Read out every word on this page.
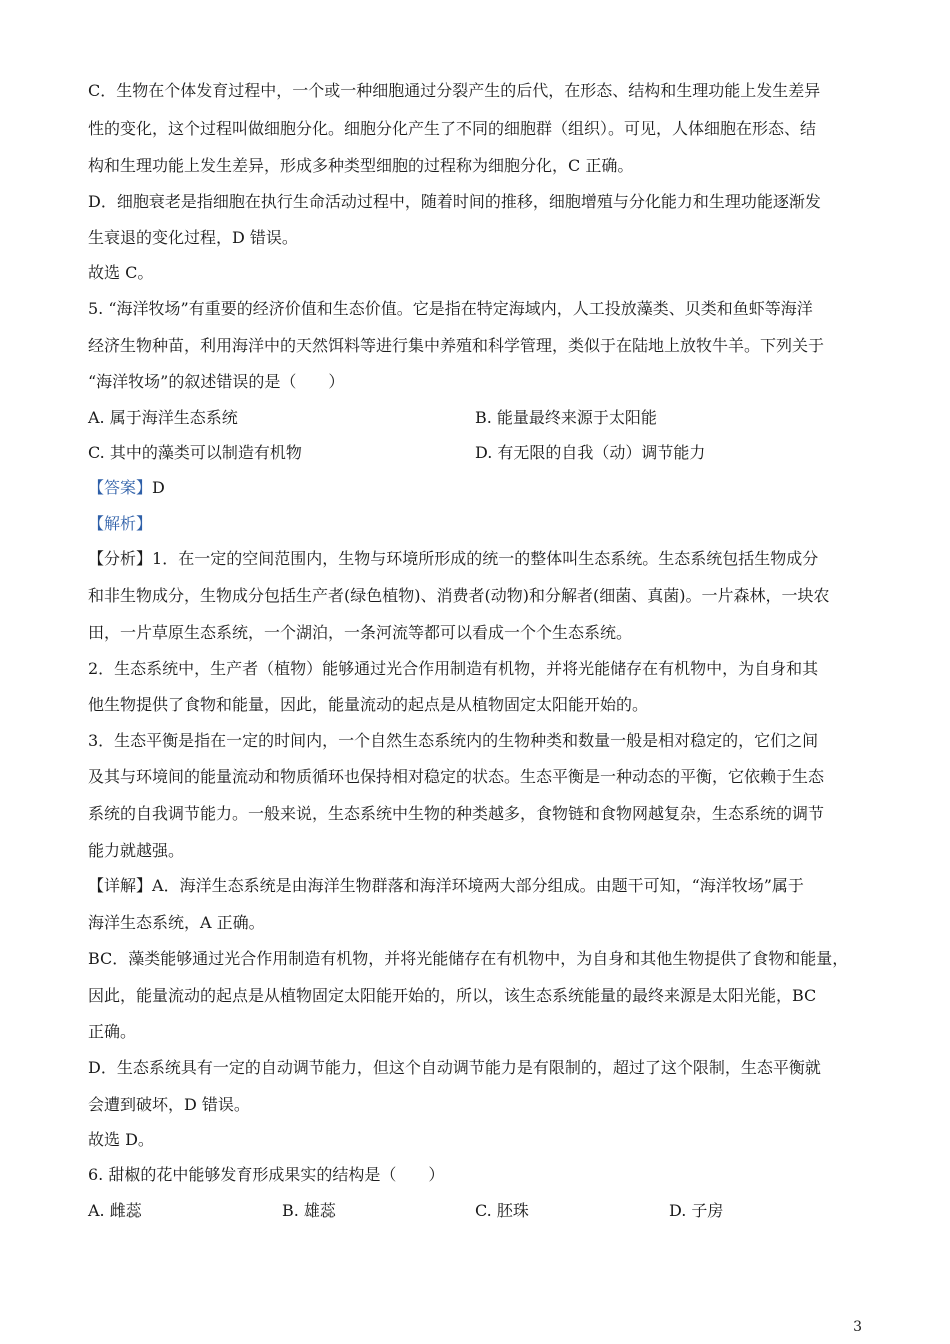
C．生物在个体发育过程中，一个或一种细胞通过分裂产生的后代，在形态、结构和生理功能上发生差异
性的变化，这个过程叫做细胞分化。细胞分化产生了不同的细胞群（组织）。可见，人体细胞在形态、结
构和生理功能上发生差异，形成多种类型细胞的过程称为细胞分化，C 正确。
D．细胞衰老是指细胞在执行生命活动过程中，随着时间的推移，细胞增殖与分化能力和生理功能逐渐发
生衰退的变化过程，D 错误。
故选 C。
5. “海洋牧场”有重要的经济价值和生态价值。它是指在特定海域内，人工投放藻类、贝类和鱼虾等海洋
经济生物种苗，利用海洋中的天然饵料等进行集中养殖和科学管理，类似于在陆地上放牧牛羊。下列关于
“海洋牧场”的叙述错误的是（　　）
A. 属于海洋生态系统	B. 能量最终来源于太阳能
C. 其中的藻类可以制造有机物	D. 有无限的自我（动）调节能力
【答案】D
【解析】
【分析】1．在一定的空间范围内，生物与环境所形成的统一的整体叫生态系统。生态系统包括生物成分
和非生物成分，生物成分包括生产者(绿色植物)、消费者(动物)和分解者(细菌、真菌)。一片森林，一块农
田，一片草原生态系统，一个湖泊，一条河流等都可以看成一个个生态系统。
2．生态系统中，生产者（植物）能够通过光合作用制造有机物，并将光能储存在有机物中，为自身和其
他生物提供了食物和能量，因此，能量流动的起点是从植物固定太阳能开始的。
3．生态平衡是指在一定的时间内，一个自然生态系统内的生物种类和数量一般是相对稳定的，它们之间
及其与环境间的能量流动和物质循环也保持相对稳定的状态。生态平衡是一种动态的平衡，它依赖于生态
系统的自我调节能力。一般来说，生态系统中生物的种类越多，食物链和食物网越复杂，生态系统的调节
能力就越强。
【详解】A．海洋生态系统是由海洋生物群落和海洋环境两大部分组成。由题干可知，“海洋牧场”属于
海洋生态系统，A 正确。
BC．藻类能够通过光合作用制造有机物，并将光能储存在有机物中，为自身和其他生物提供了食物和能量，
因此，能量流动的起点是从植物固定太阳能开始的，所以，该生态系统能量的最终来源是太阳光能，BC
正确。
D．生态系统具有一定的自动调节能力，但这个自动调节能力是有限制的，超过了这个限制，生态平衡就
会遭到破坏，D 错误。
故选 D。
6. 甜椒的花中能够发育形成果实的结构是（　　）
A. 雌蕊	B. 雄蕊	C. 胚珠	D. 子房
3
